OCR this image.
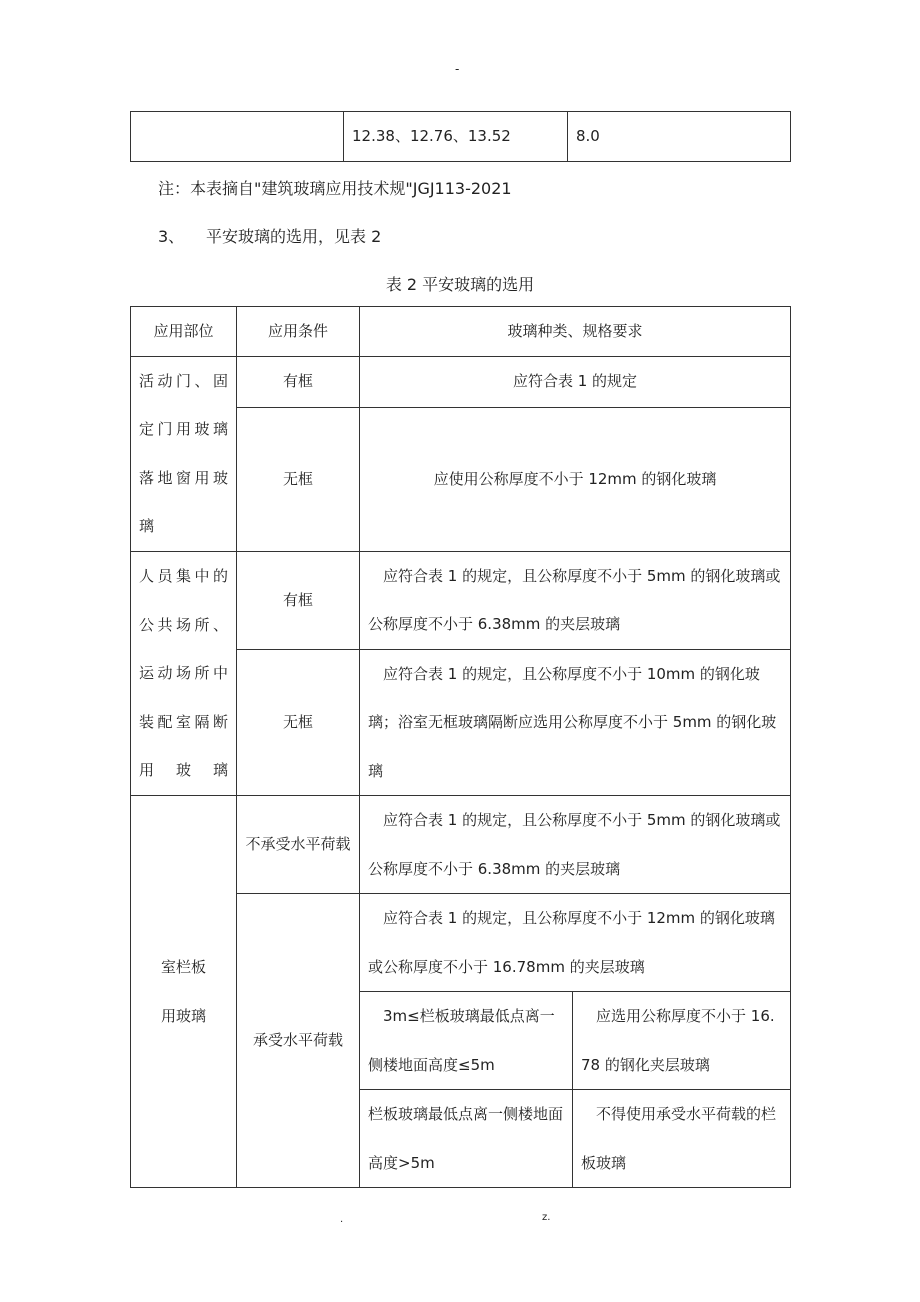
-
	12.38、12.76、13.52	8.0
注：本表摘自"建筑玻璃应用技术规"JGJ113-2021
3、 平安玻璃的选用，见表 2
表 2 平安玻璃的选用
应用部位	应用条件	玻璃种类、规格要求	
活动门、固定门用玻璃落地窗用玻璃	有框	应符合表 1 的规定	
	无框	应使用公称厚度不小于 12mm 的钢化玻璃	
人员集中的公共场所、运动场所中装配室隔断用玻璃	有框	应符合表 1 的规定，且公称厚度不小于 5mm 的钢化玻璃或公称厚度不小于 6.38mm 的夹层玻璃	
	无框	应符合表 1 的规定，且公称厚度不小于 10mm 的钢化玻璃；浴室无框玻璃隔断应选用公称厚度不小于 5mm 的钢化玻璃	

室栏板
用玻璃	不承受水平荷载	应符合表 1 的规定，且公称厚度不小于 5mm 的钢化玻璃或公称厚度不小于 6.38mm 的夹层玻璃	
	承受水平荷载	应符合表 1 的规定，且公称厚度不小于 12mm 的钢化玻璃或公称厚度不小于 16.78mm 的夹层玻璃	
		3m≤栏板玻璃最低点离一侧楼地面高度≤5m	应选用公称厚度不小于 16.78 的钢化夹层玻璃
		栏板玻璃最低点离一侧楼地面高度>5m	不得使用承受水平荷载的栏板玻璃
.	z.
